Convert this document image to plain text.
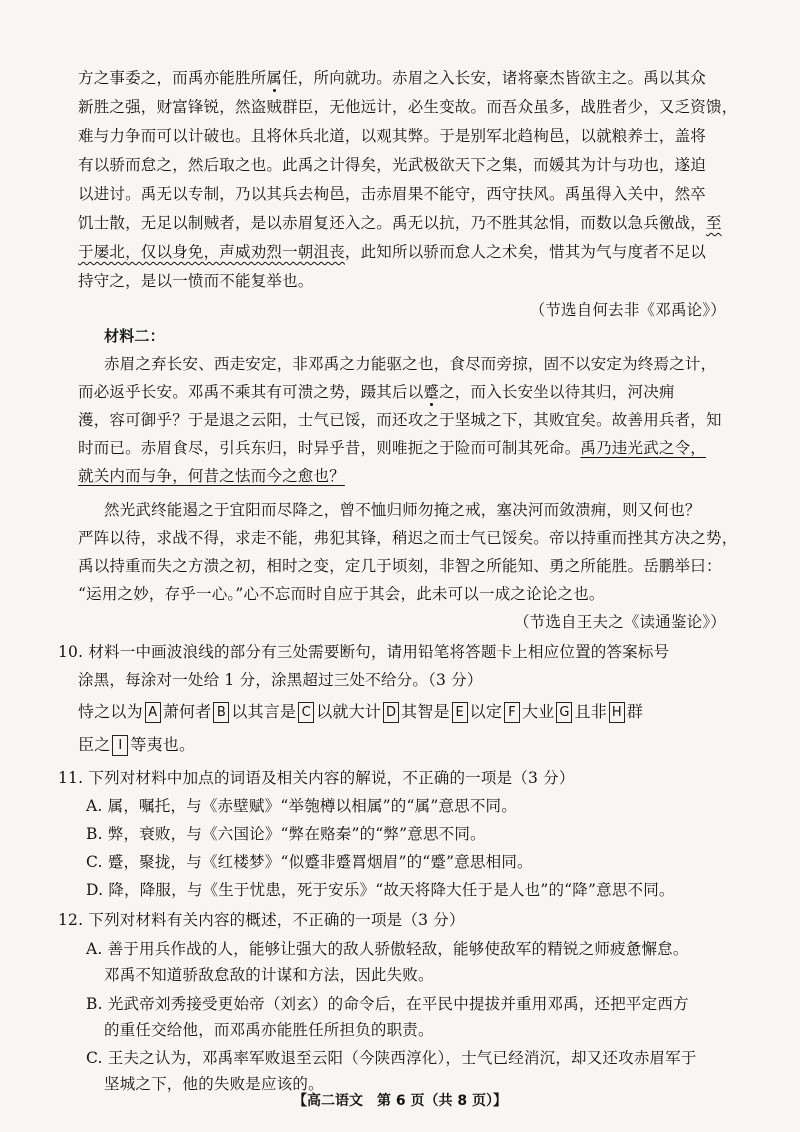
方之事委之，而禹亦能胜所属任，所向就功。赤眉之入长安，诸将豪杰皆欲主之。禹以其众
新胜之强，财富锋锐，然盗贼群臣，无他远计，必生变故。而吾众虽多，战胜者少，又乏资馈，
难与力争而可以计破也。且将休兵北道，以观其弊。于是别军北趋栒邑，以就粮养士，盖将
有以骄而怠之，然后取之也。此禹之计得矣，光武极欲天下之集，而媛其为计与功也，遂迫
以进讨。禹无以专制，乃以其兵去栒邑，击赤眉果不能守，西守扶风。禹虽得入关中，然卒
饥士散，无足以制贼者，是以赤眉复还入之。禹无以抗，乃不胜其忿悁，而数以急兵徼战，至
于屡北，仅以身免，声威劝烈一朝沮丧，此知所以骄而怠人之术矣，惜其为气与度者不足以
持守之，是以一愤而不能复举也。
（节选自何去非《邓禹论》）
材料二：
赤眉之弃长安、西走安定，非邓禹之力能驱之也，食尽而旁掠，固不以安定为终焉之计，
而必返乎长安。邓禹不乘其有可溃之势，蹑其后以蹙之，而入长安坐以待其归，河决痈
濩，容可御乎？于是退之云阳，士气已馁，而还攻之于坚城之下，其败宜矣。故善用兵者，知
时而已。赤眉食尽，引兵东归，时异乎昔，则唯扼之于险而可制其死命。禹乃违光武之令，
就关内而与争，何昔之怯而今之愈也？
然光武终能遏之于宜阳而尽降之，曾不恤归师勿掩之戒，塞决河而敛溃痈，则又何也？
严阵以待，求战不得，求走不能，弗犯其锋，稍迟之而士气已馁矣。帝以持重而挫其方决之势，
禹以持重而失之方溃之初，相时之变，定几于顷刻，非智之所能知、勇之所能胜。岳鹏举曰：
“运用之妙，存乎一心。”心不忘而时自应于其会，此未可以一成之论论之也。
（节选自王夫之《读通鉴论》）
10. 材料一中画波浪线的部分有三处需要断句，请用铅笔将答题卡上相应位置的答案标号
涂黑，每涂对一处给 1 分，涂黑超过三处不给分。（3 分）
恃之以为 A 萧何者 B 以其言是 C 以就大计 D 其智是 E 以定 F 大业 G 且非 H 群
臣之 I 等夷也。
11. 下列对材料中加点的词语及相关内容的解说，不正确的一项是（3 分）
A. 属，嘱托，与《赤壁赋》“举匏樽以相属”的“属”意思不同。
B. 弊，衰败，与《六国论》“弊在赂秦”的“弊”意思不同。
C. 蹙，聚拢，与《红楼梦》“似蹙非蹙罥烟眉”的“蹙”意思相同。
D. 降，降服，与《生于忧患，死于安乐》“故天将降大任于是人也”的“降”意思不同。
12. 下列对材料有关内容的概述，不正确的一项是（3 分）
A. 善于用兵作战的人，能够让强大的敌人骄傲轻敌，能够使敌军的精锐之师疲惫懈怠。
邓禹不知道骄敌怠敌的计谋和方法，因此失败。
B. 光武帝刘秀接受更始帝（刘玄）的命令后，在平民中提拔并重用邓禹，还把平定西方
的重任交给他，而邓禹亦能胜任所担负的职责。
C. 王夫之认为，邓禹率军败退至云阳（今陕西淳化），士气已经消沉，却又还攻赤眉军于
坚城之下，他的失败是应该的。
【高二语文　第 6 页（共 8 页）】
